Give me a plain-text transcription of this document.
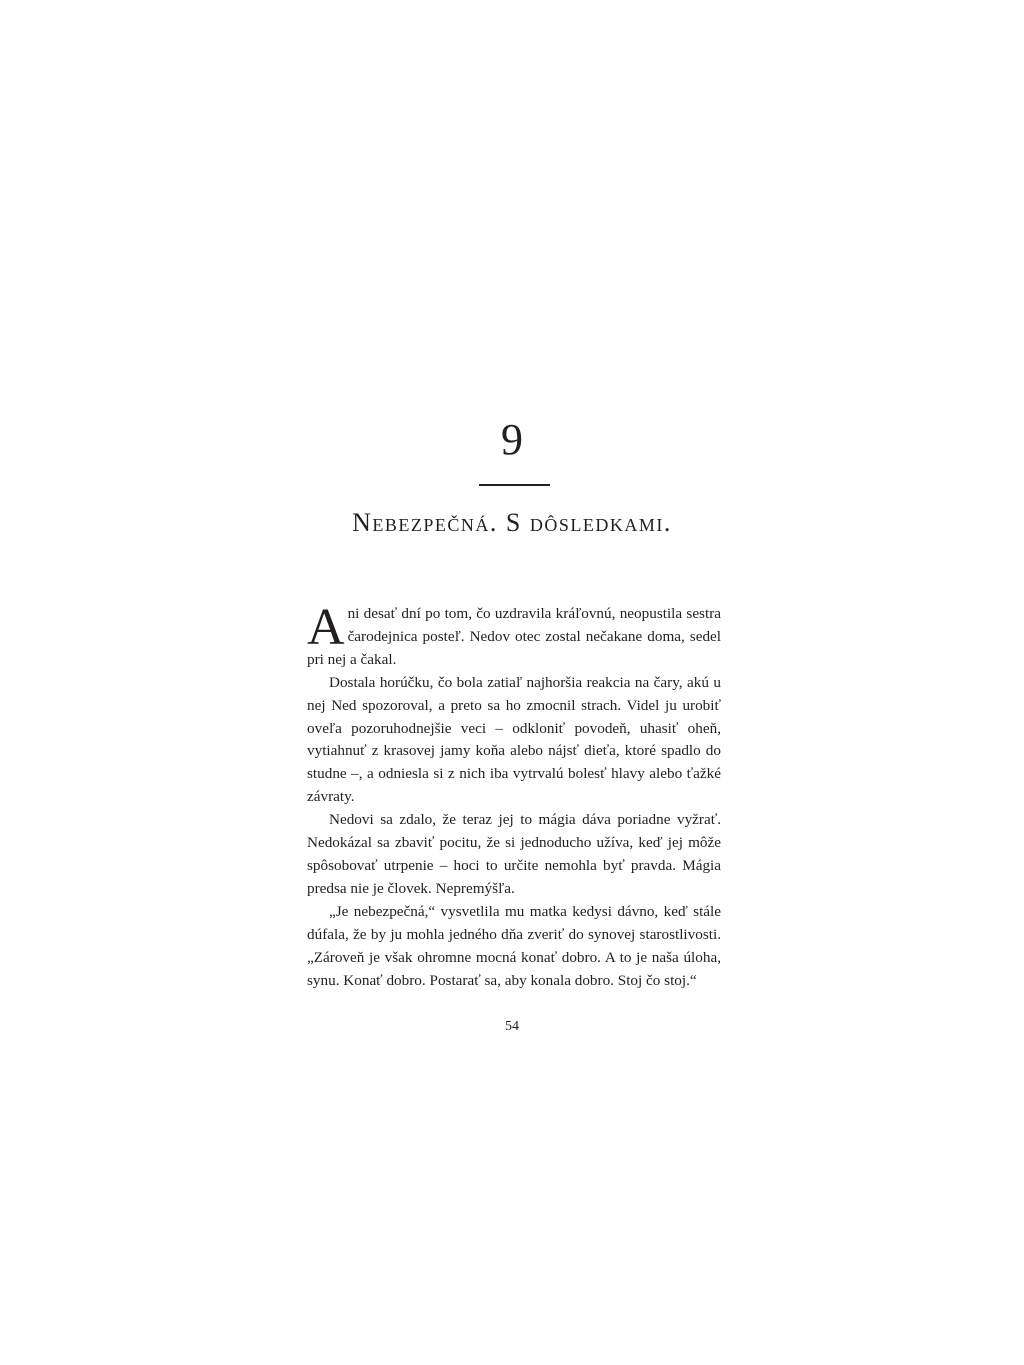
9
Nebezpečná. S dôsledkami.

Ani desať dní po tom, čo uzdravila kráľovnú, neopustila sestra čarodejnica posteľ. Nedov otec zostal nečakane doma, sedel pri nej a čakal.

Dostala horúčku, čo bola zatiaľ najhoršia reakcia na čary, akú u nej Ned spozoroval, a preto sa ho zmocnil strach. Videl ju urobiť oveľa pozoruhodnejšie veci – odkloniť povodeň, uhasiť oheň, vytiahnuť z krasovej jamy koňa alebo nájsť dieťa, ktoré spadlo do studne –, a odniesla si z nich iba vytrvalú bolesť hlavy alebo ťažké závraty.

Nedovi sa zdalo, že teraz jej to mágia dáva poriadne vyžrať. Nedokázal sa zbaviť pocitu, že si jednoducho užíva, keď jej môže spôsobovať utrpenie – hoci to určite nemohla byť pravda. Mágia predsa nie je človek. Nepremýšľa.

„Je nebezpečná,“ vysvetlila mu matka kedysi dávno, keď stále dúfala, že by ju mohla jedného dňa zveriť do synovej starostlivosti. „Zároveň je však ohromne mocná konať dobro. A to je naša úloha, synu. Konať dobro. Postarať sa, aby konala dobro. Stoj čo stoj.“

54
